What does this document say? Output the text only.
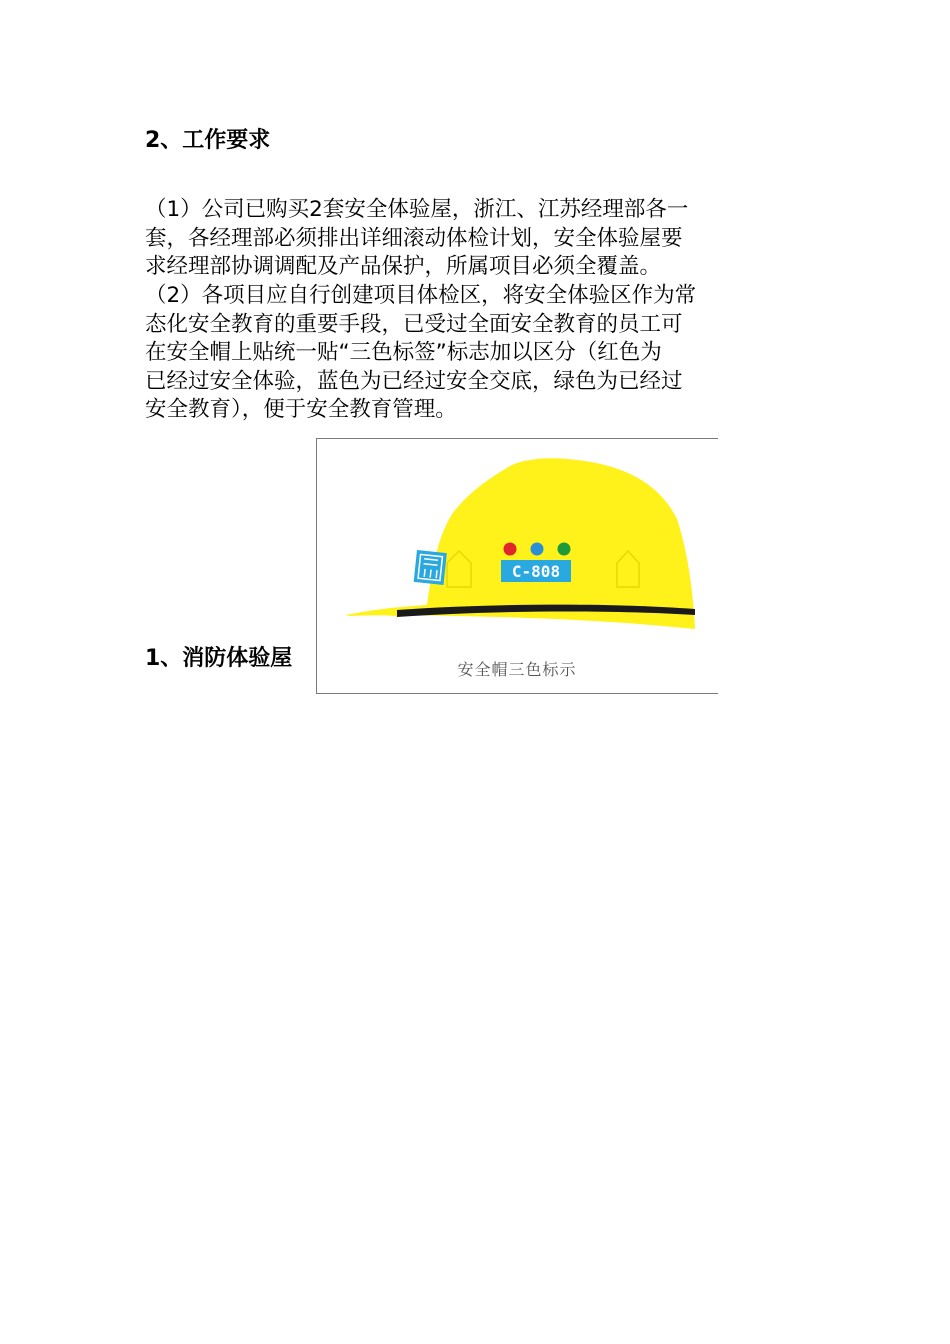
2、工作要求
（1）公司已购买2套安全体验屋，浙江、江苏经理部各一
套，各经理部必须排出详细滚动体检计划，安全体验屋要
求经理部协调调配及产品保护，所属项目必须全覆盖。
（2）各项目应自行创建项目体检区，将安全体验区作为常
态化安全教育的重要手段，已受过全面安全教育的员工可
在安全帽上贴统一贴“三色标签”标志加以区分（红色为
已经过安全体验，蓝色为已经过安全交底，绿色为已经过
安全教育），便于安全教育管理。
1、消防体验屋
C-808
安全帽三色标示
